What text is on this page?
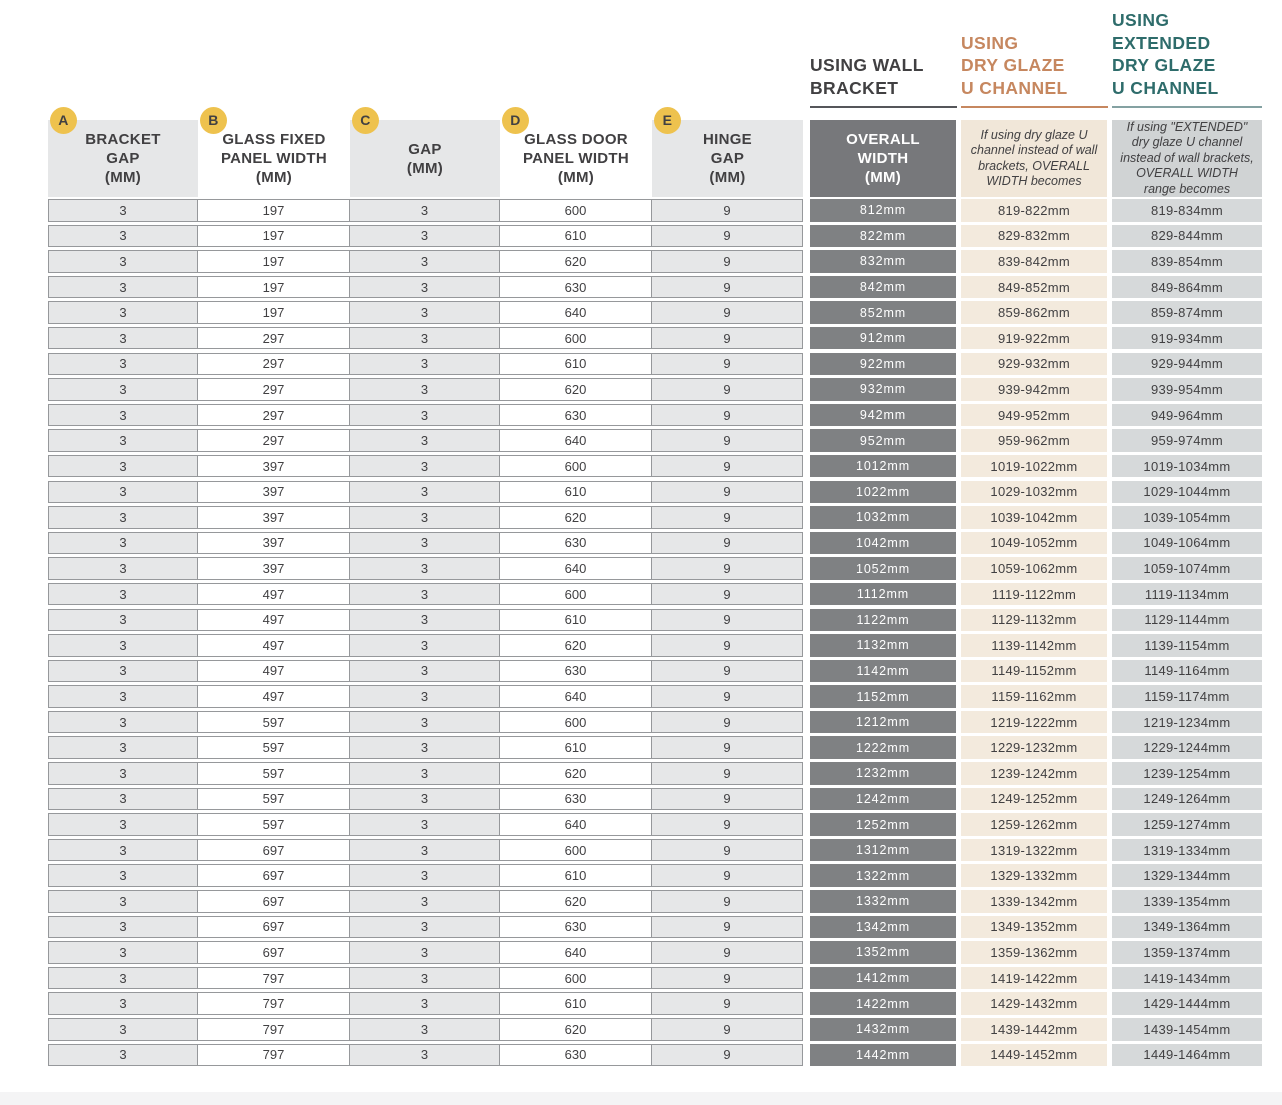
USING WALL
BRACKET
USING
DRY GLAZE
U CHANNEL
USING
EXTENDED
DRY GLAZE
U CHANNEL
A
BRACKET
GAP
(MM)
B
GLASS FIXED
PANEL WIDTH
(MM)
C
GAP
(MM)
D
GLASS DOOR
PANEL WIDTH
(MM)
E
HINGE
GAP
(MM)
OVERALL
WIDTH
(MM)
If using dry glaze U channel instead of wall brackets, OVERALL WIDTH becomes
If using "EXTENDED" dry glaze U channel instead of wall brackets, OVERALL WIDTH range becomes
3	197	3	600	9	812mm	819-822mm	819-834mm
3	197	3	610	9	822mm	829-832mm	829-844mm
3	197	3	620	9	832mm	839-842mm	839-854mm
3	197	3	630	9	842mm	849-852mm	849-864mm
3	197	3	640	9	852mm	859-862mm	859-874mm
3	297	3	600	9	912mm	919-922mm	919-934mm
3	297	3	610	9	922mm	929-932mm	929-944mm
3	297	3	620	9	932mm	939-942mm	939-954mm
3	297	3	630	9	942mm	949-952mm	949-964mm
3	297	3	640	9	952mm	959-962mm	959-974mm
3	397	3	600	9	1012mm	1019-1022mm	1019-1034mm
3	397	3	610	9	1022mm	1029-1032mm	1029-1044mm
3	397	3	620	9	1032mm	1039-1042mm	1039-1054mm
3	397	3	630	9	1042mm	1049-1052mm	1049-1064mm
3	397	3	640	9	1052mm	1059-1062mm	1059-1074mm
3	497	3	600	9	1112mm	1119-1122mm	1119-1134mm
3	497	3	610	9	1122mm	1129-1132mm	1129-1144mm
3	497	3	620	9	1132mm	1139-1142mm	1139-1154mm
3	497	3	630	9	1142mm	1149-1152mm	1149-1164mm
3	497	3	640	9	1152mm	1159-1162mm	1159-1174mm
3	597	3	600	9	1212mm	1219-1222mm	1219-1234mm
3	597	3	610	9	1222mm	1229-1232mm	1229-1244mm
3	597	3	620	9	1232mm	1239-1242mm	1239-1254mm
3	597	3	630	9	1242mm	1249-1252mm	1249-1264mm
3	597	3	640	9	1252mm	1259-1262mm	1259-1274mm
3	697	3	600	9	1312mm	1319-1322mm	1319-1334mm
3	697	3	610	9	1322mm	1329-1332mm	1329-1344mm
3	697	3	620	9	1332mm	1339-1342mm	1339-1354mm
3	697	3	630	9	1342mm	1349-1352mm	1349-1364mm
3	697	3	640	9	1352mm	1359-1362mm	1359-1374mm
3	797	3	600	9	1412mm	1419-1422mm	1419-1434mm
3	797	3	610	9	1422mm	1429-1432mm	1429-1444mm
3	797	3	620	9	1432mm	1439-1442mm	1439-1454mm
3	797	3	630	9	1442mm	1449-1452mm	1449-1464mm
